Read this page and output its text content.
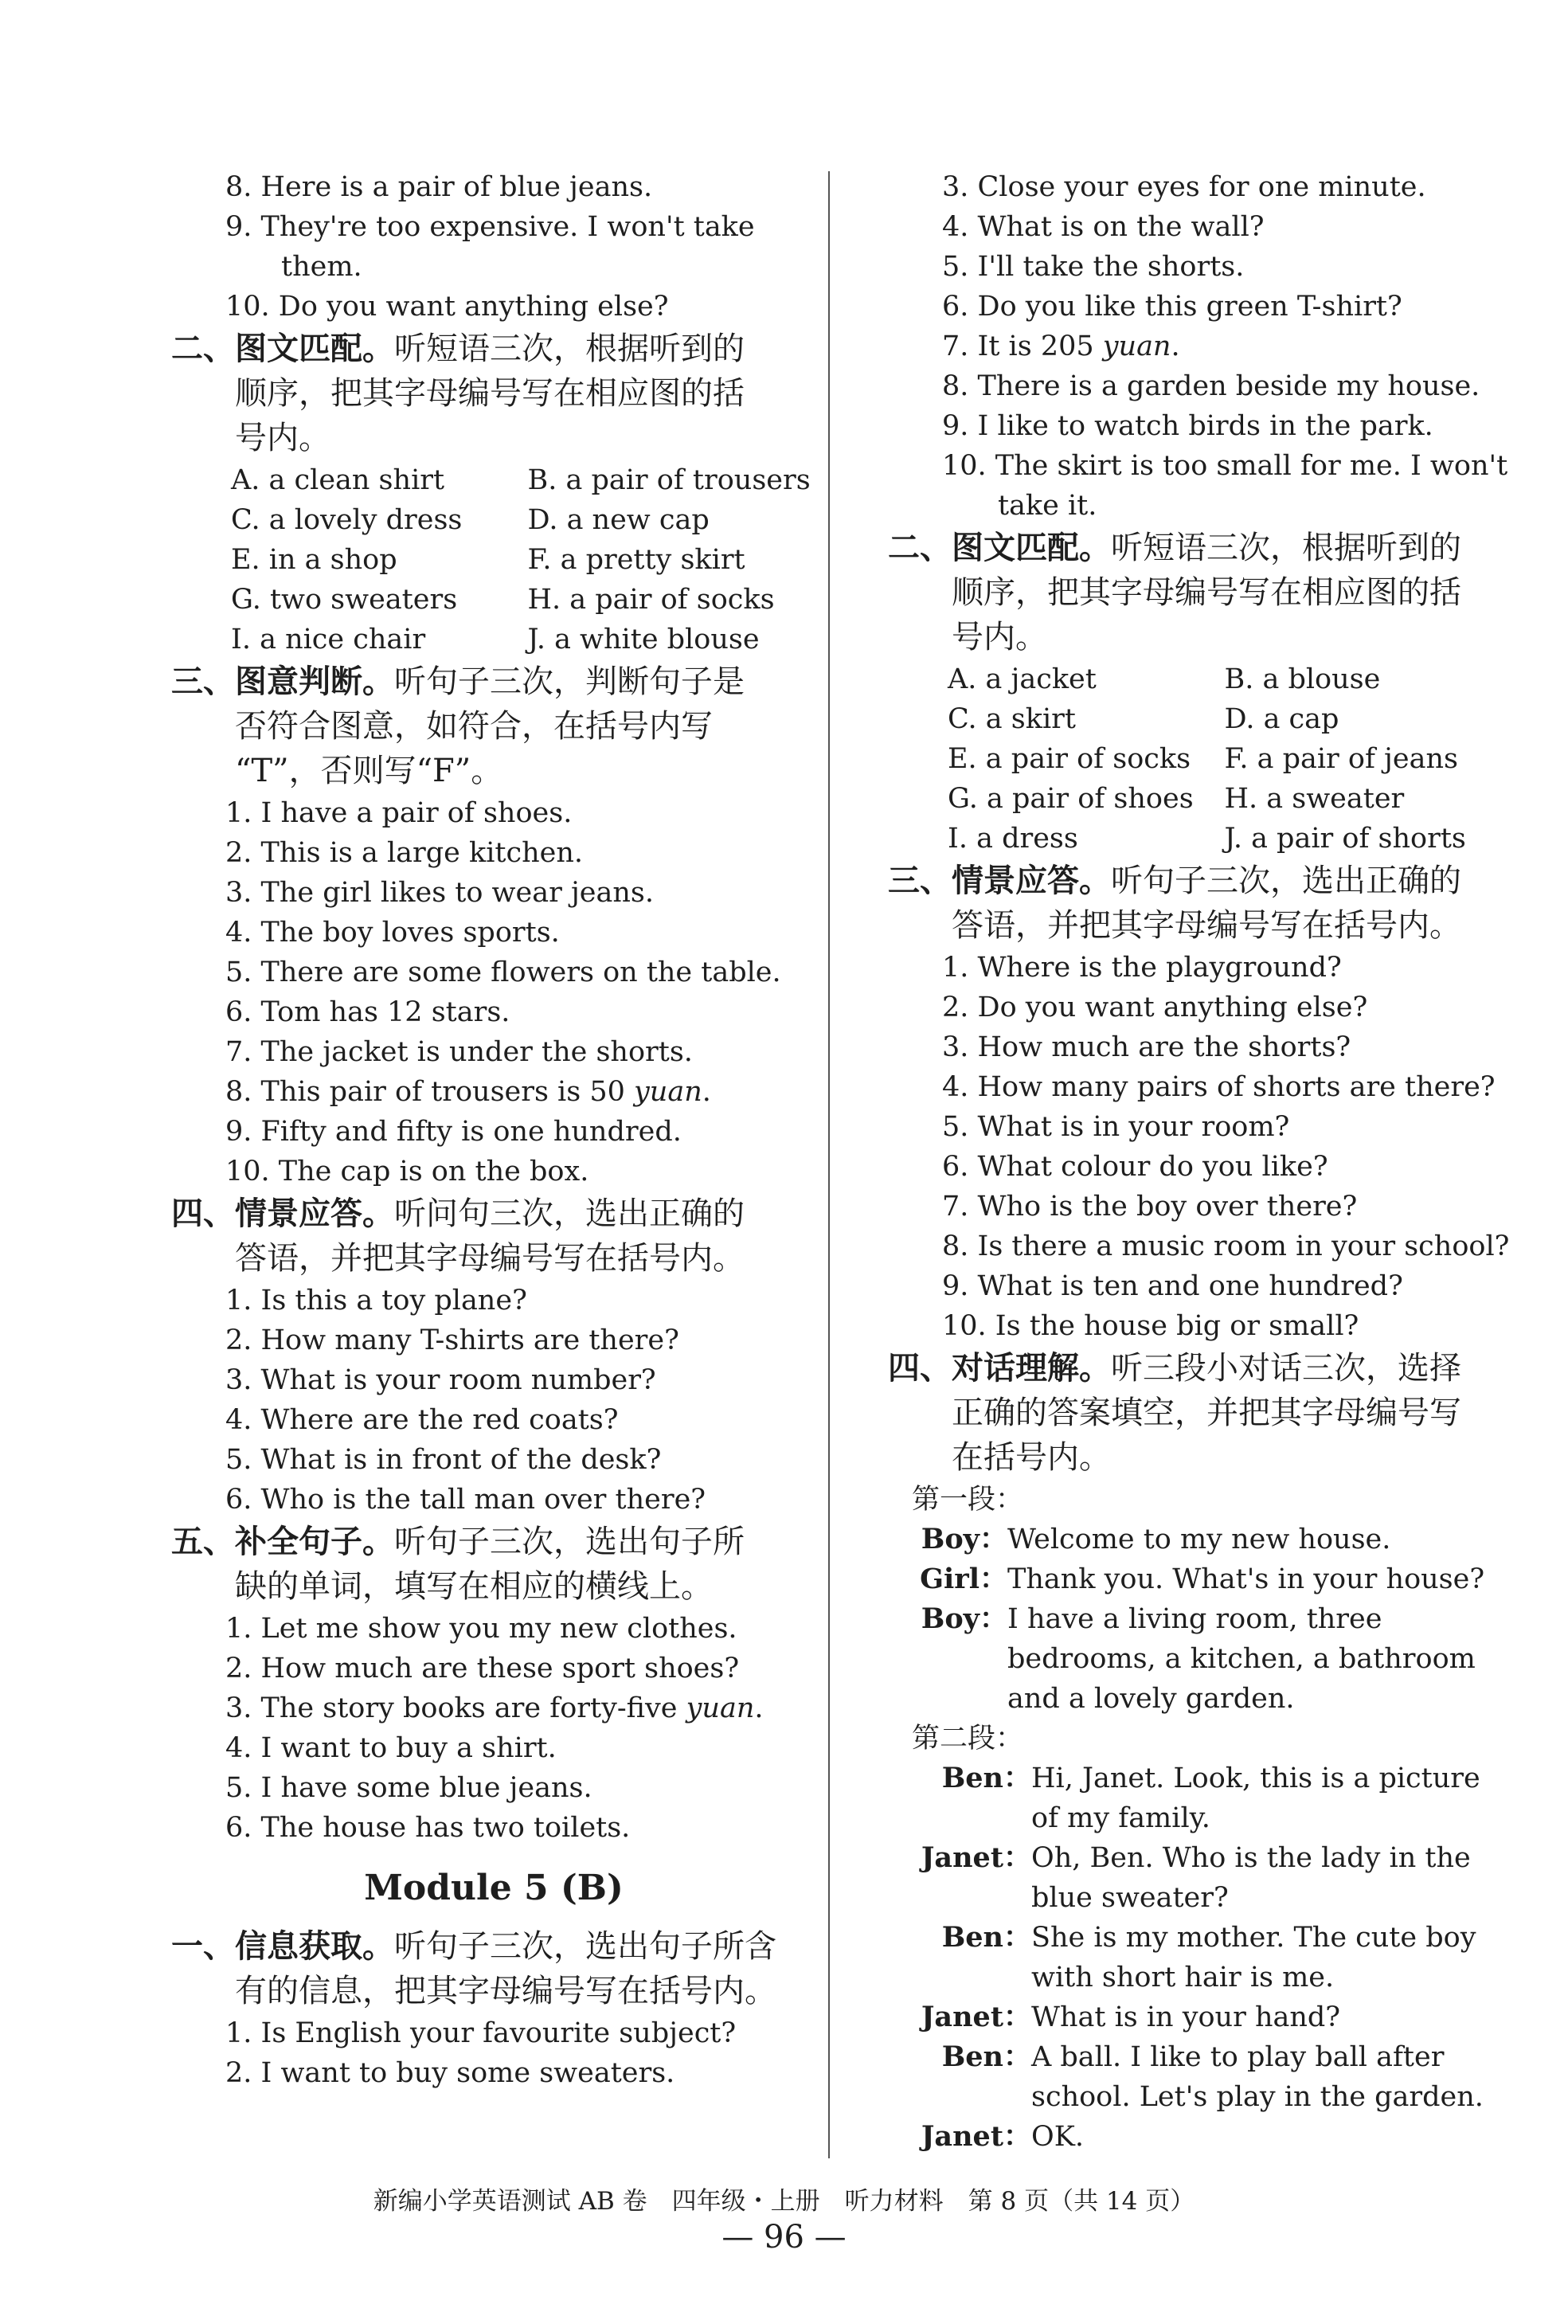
8. Here is a pair of blue jeans.
9. They're too expensive. I won't take
them.
10. Do you want anything else?
二、图文匹配。听短语三次，根据听到的
顺序，把其字母编号写在相应图的括
号内。
A. a clean shirt	B. a pair of trousers
C. a lovely dress	D. a new cap
E. in a shop	F. a pretty skirt
G. two sweaters	H. a pair of socks
I. a nice chair	J. a white blouse
三、图意判断。听句子三次，判断句子是
否符合图意，如符合，在括号内写
“T”，否则写“F”。
1. I have a pair of shoes.
2. This is a large kitchen.
3. The girl likes to wear jeans.
4. The boy loves sports.
5. There are some flowers on the table.
6. Tom has 12 stars.
7. The jacket is under the shorts.
8. This pair of trousers is 50 yuan.
9. Fifty and fifty is one hundred.
10. The cap is on the box.
四、情景应答。听问句三次，选出正确的
答语，并把其字母编号写在括号内。
1. Is this a toy plane?
2. How many T-shirts are there?
3. What is your room number?
4. Where are the red coats?
5. What is in front of the desk?
6. Who is the tall man over there?
五、补全句子。听句子三次，选出句子所
缺的单词，填写在相应的横线上。
1. Let me show you my new clothes.
2. How much are these sport shoes?
3. The story books are forty-five yuan.
4. I want to buy a shirt.
5. I have some blue jeans.
6. The house has two toilets.
Module 5 (B)
一、信息获取。听句子三次，选出句子所含
有的信息，把其字母编号写在括号内。
1. Is English your favourite subject?
2. I want to buy some sweaters.
3. Close your eyes for one minute.
4. What is on the wall?
5. I'll take the shorts.
6. Do you like this green T-shirt?
7. It is 205 yuan.
8. There is a garden beside my house.
9. I like to watch birds in the park.
10. The skirt is too small for me. I won't
take it.
二、图文匹配。听短语三次，根据听到的
顺序，把其字母编号写在相应图的括
号内。
A. a jacket	B. a blouse
C. a skirt	D. a cap
E. a pair of socks	F. a pair of jeans
G. a pair of shoes	H. a sweater
I. a dress	J. a pair of shorts
三、情景应答。听句子三次，选出正确的
答语，并把其字母编号写在括号内。
1. Where is the playground?
2. Do you want anything else?
3. How much are the shorts?
4. How many pairs of shorts are there?
5. What is in your room?
6. What colour do you like?
7. Who is the boy over there?
8. Is there a music room in your school?
9. What is ten and one hundred?
10. Is the house big or small?
四、对话理解。听三段小对话三次，选择
正确的答案填空，并把其字母编号写
在括号内。
第一段：
Boy： Welcome to my new house.
Girl： Thank you. What's in your house?
Boy： I have a living room, three bedrooms, a kitchen, a bathroom and a lovely garden.
第二段：
Ben： Hi, Janet. Look, this is a picture of my family.
Janet： Oh, Ben. Who is the lady in the blue sweater?
Ben： She is my mother. The cute boy with short hair is me.
Janet： What is in your hand?
Ben： A ball. I like to play ball after school. Let's play in the garden.
Janet： OK.
新编小学英语测试 AB 卷　四年级・上册　听力材料　第 8 页（共 14 页）
— 96 —
